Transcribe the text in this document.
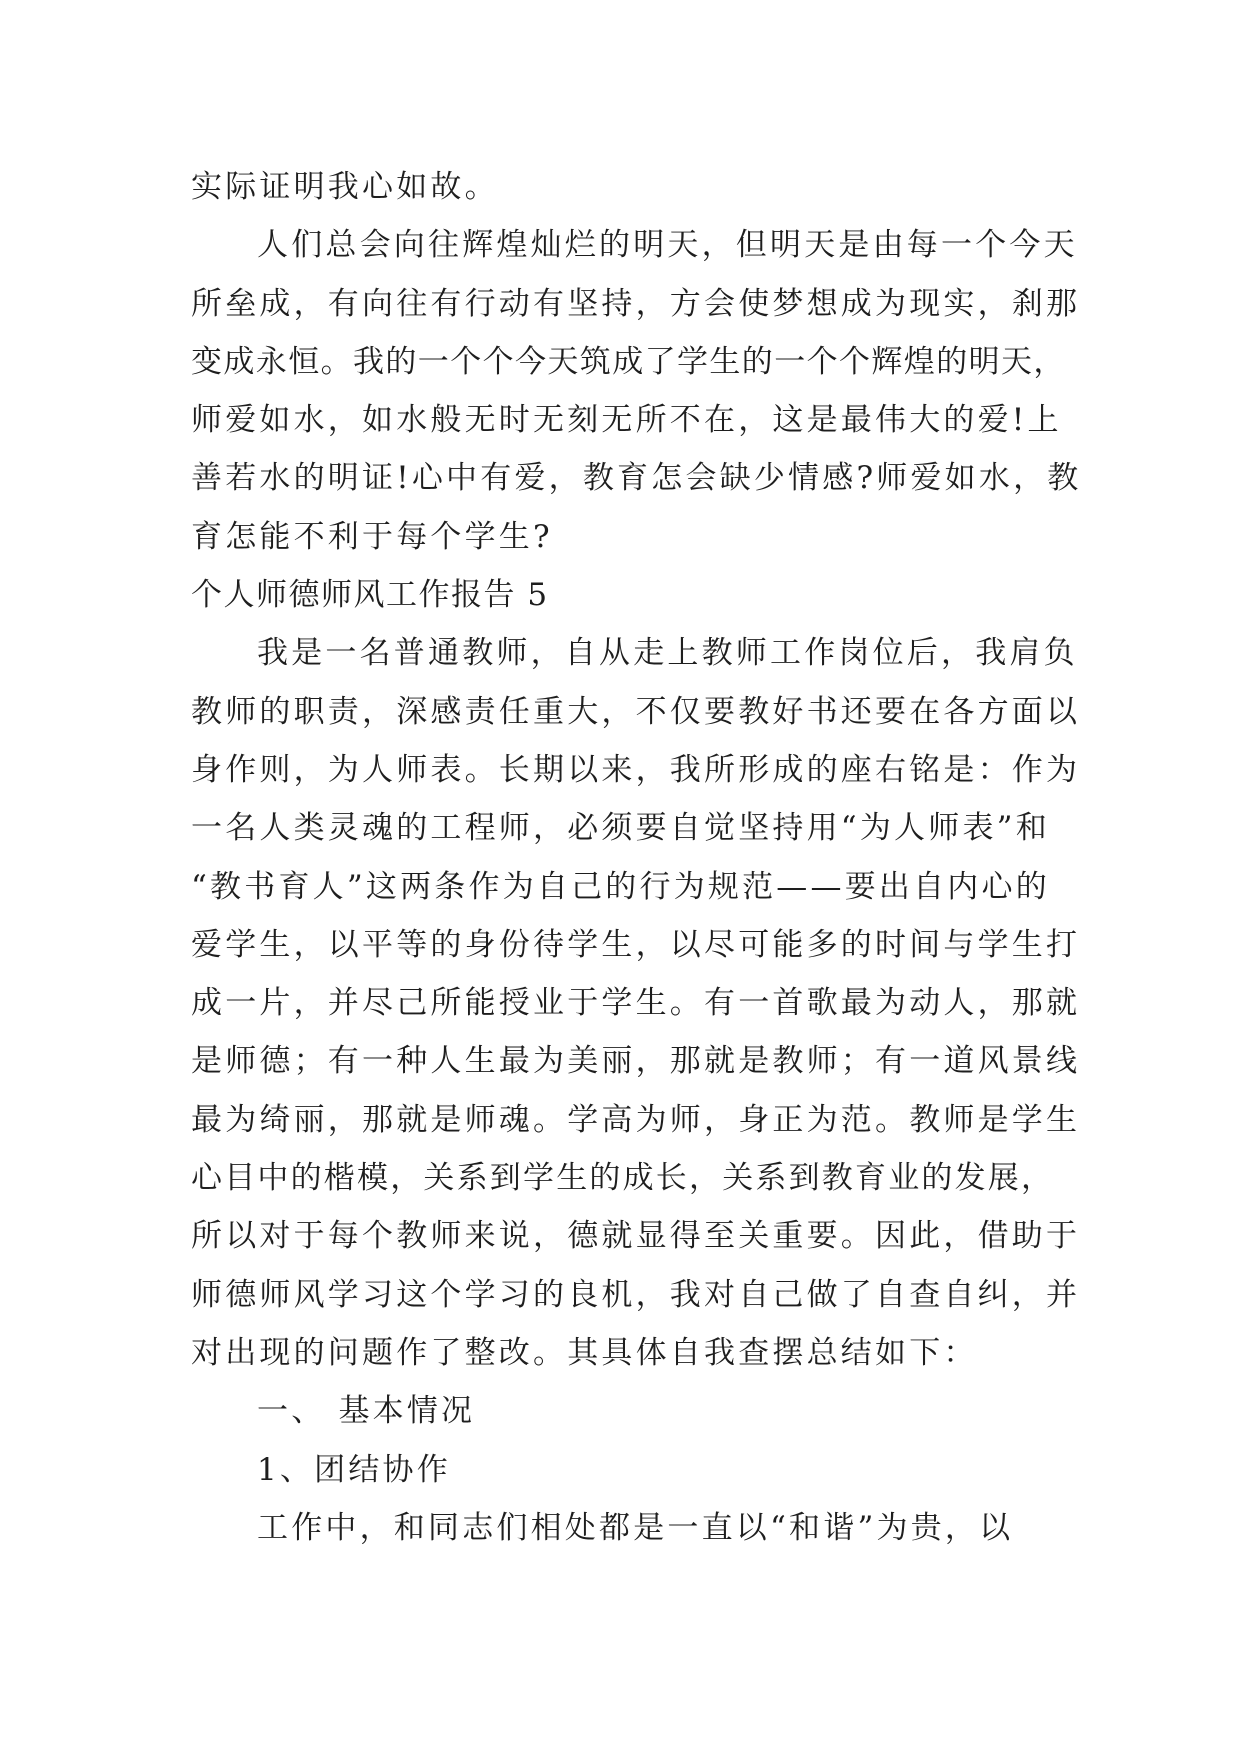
实际证明我心如故。
人们总会向往辉煌灿烂的明天，但明天是由每一个今天
所垒成，有向往有行动有坚持，方会使梦想成为现实，刹那
变成永恒。我的一个个今天筑成了学生的一个个辉煌的明天，
师爱如水，如水般无时无刻无所不在，这是最伟大的爱!上
善若水的明证!心中有爱，教育怎会缺少情感?师爱如水，教
育怎能不利于每个学生?
个人师德师风工作报告 5
我是一名普通教师，自从走上教师工作岗位后，我肩负
教师的职责，深感责任重大，不仅要教好书还要在各方面以
身作则，为人师表。长期以来，我所形成的座右铭是：作为
一名人类灵魂的工程师，必须要自觉坚持用“为人师表”和
“教书育人”这两条作为自己的行为规范——要出自内心的
爱学生，以平等的身份待学生，以尽可能多的时间与学生打
成一片，并尽己所能授业于学生。有一首歌最为动人，那就
是师德；有一种人生最为美丽，那就是教师；有一道风景线
最为绮丽，那就是师魂。学高为师，身正为范。教师是学生
心目中的楷模，关系到学生的成长，关系到教育业的发展，
所以对于每个教师来说，德就显得至关重要。因此，借助于
师德师风学习这个学习的良机，我对自己做了自查自纠，并
对出现的问题作了整改。其具体自我查摆总结如下：
一、 基本情况
1、团结协作
工作中，和同志们相处都是一直以“和谐”为贵，以
